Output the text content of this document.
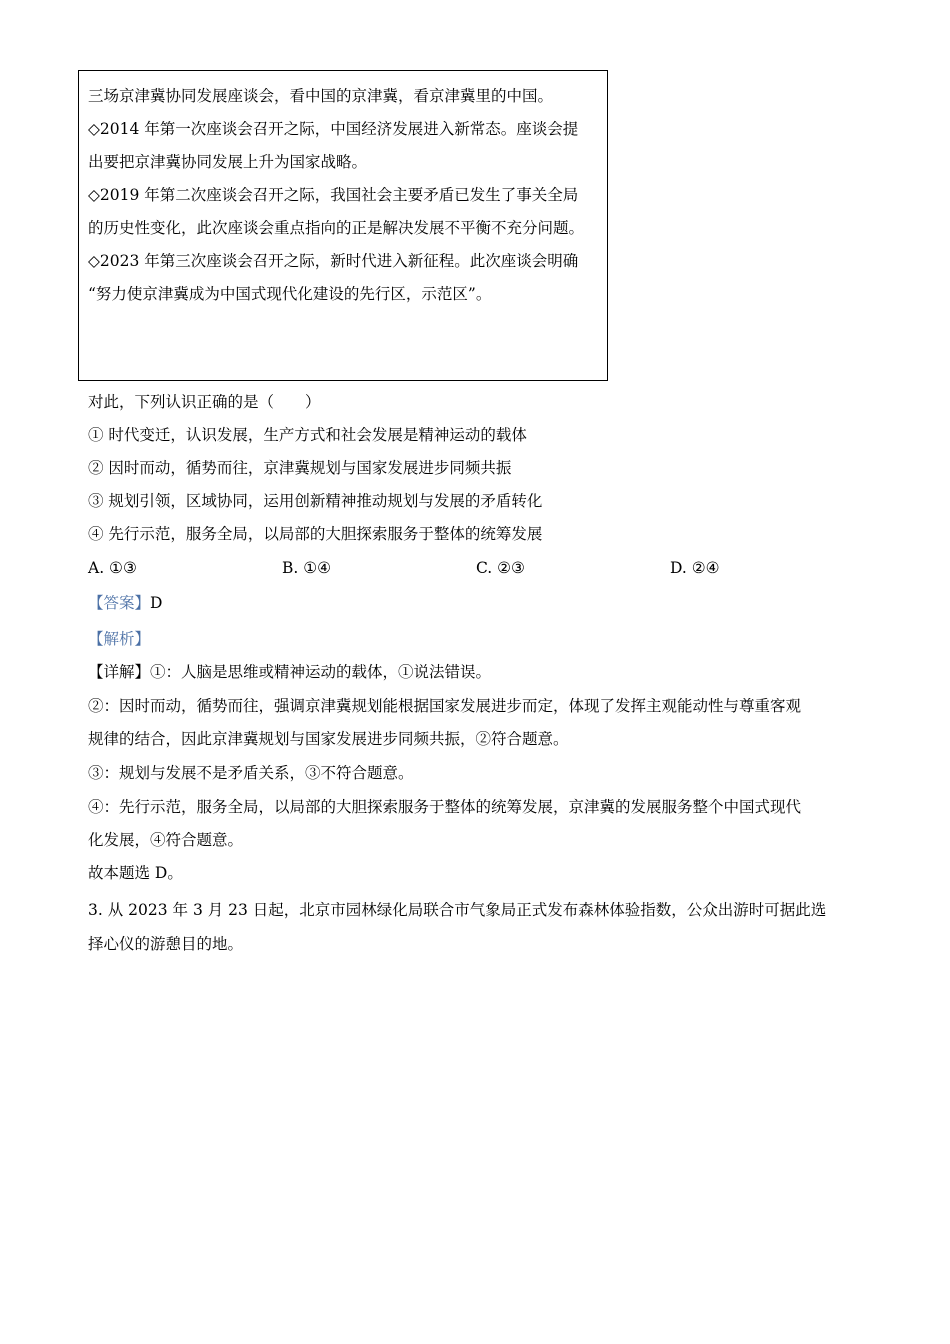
三场京津冀协同发展座谈会，看中国的京津冀，看京津冀里的中国。
◇2014 年第一次座谈会召开之际，中国经济发展进入新常态。座谈会提
出要把京津冀协同发展上升为国家战略。
◇2019 年第二次座谈会召开之际，我国社会主要矛盾已发生了事关全局
的历史性变化，此次座谈会重点指向的正是解决发展不平衡不充分问题。
◇2023 年第三次座谈会召开之际，新时代进入新征程。此次座谈会明确
“努力使京津冀成为中国式现代化建设的先行区，示范区”。
对此，下列认识正确的是（　　）
① 时代变迁，认识发展，生产方式和社会发展是精神运动的载体
② 因时而动，循势而往，京津冀规划与国家发展进步同频共振
③ 规划引领，区域协同，运用创新精神推动规划与发展的矛盾转化
④ 先行示范，服务全局，以局部的大胆探索服务于整体的统筹发展
A. ①③	B. ①④	C. ②③	D. ②④
【答案】D
【解析】
【详解】①：人脑是思维或精神运动的载体，①说法错误。
②：因时而动，循势而往，强调京津冀规划能根据国家发展进步而定，体现了发挥主观能动性与尊重客观
规律的结合，因此京津冀规划与国家发展进步同频共振，②符合题意。
③：规划与发展不是矛盾关系，③不符合题意。
④：先行示范，服务全局，以局部的大胆探索服务于整体的统筹发展，京津冀的发展服务整个中国式现代
化发展，④符合题意。
故本题选 D。
3. 从 2023 年 3 月 23 日起，北京市园林绿化局联合市气象局正式发布森林体验指数，公众出游时可据此选
择心仪的游憩目的地。
